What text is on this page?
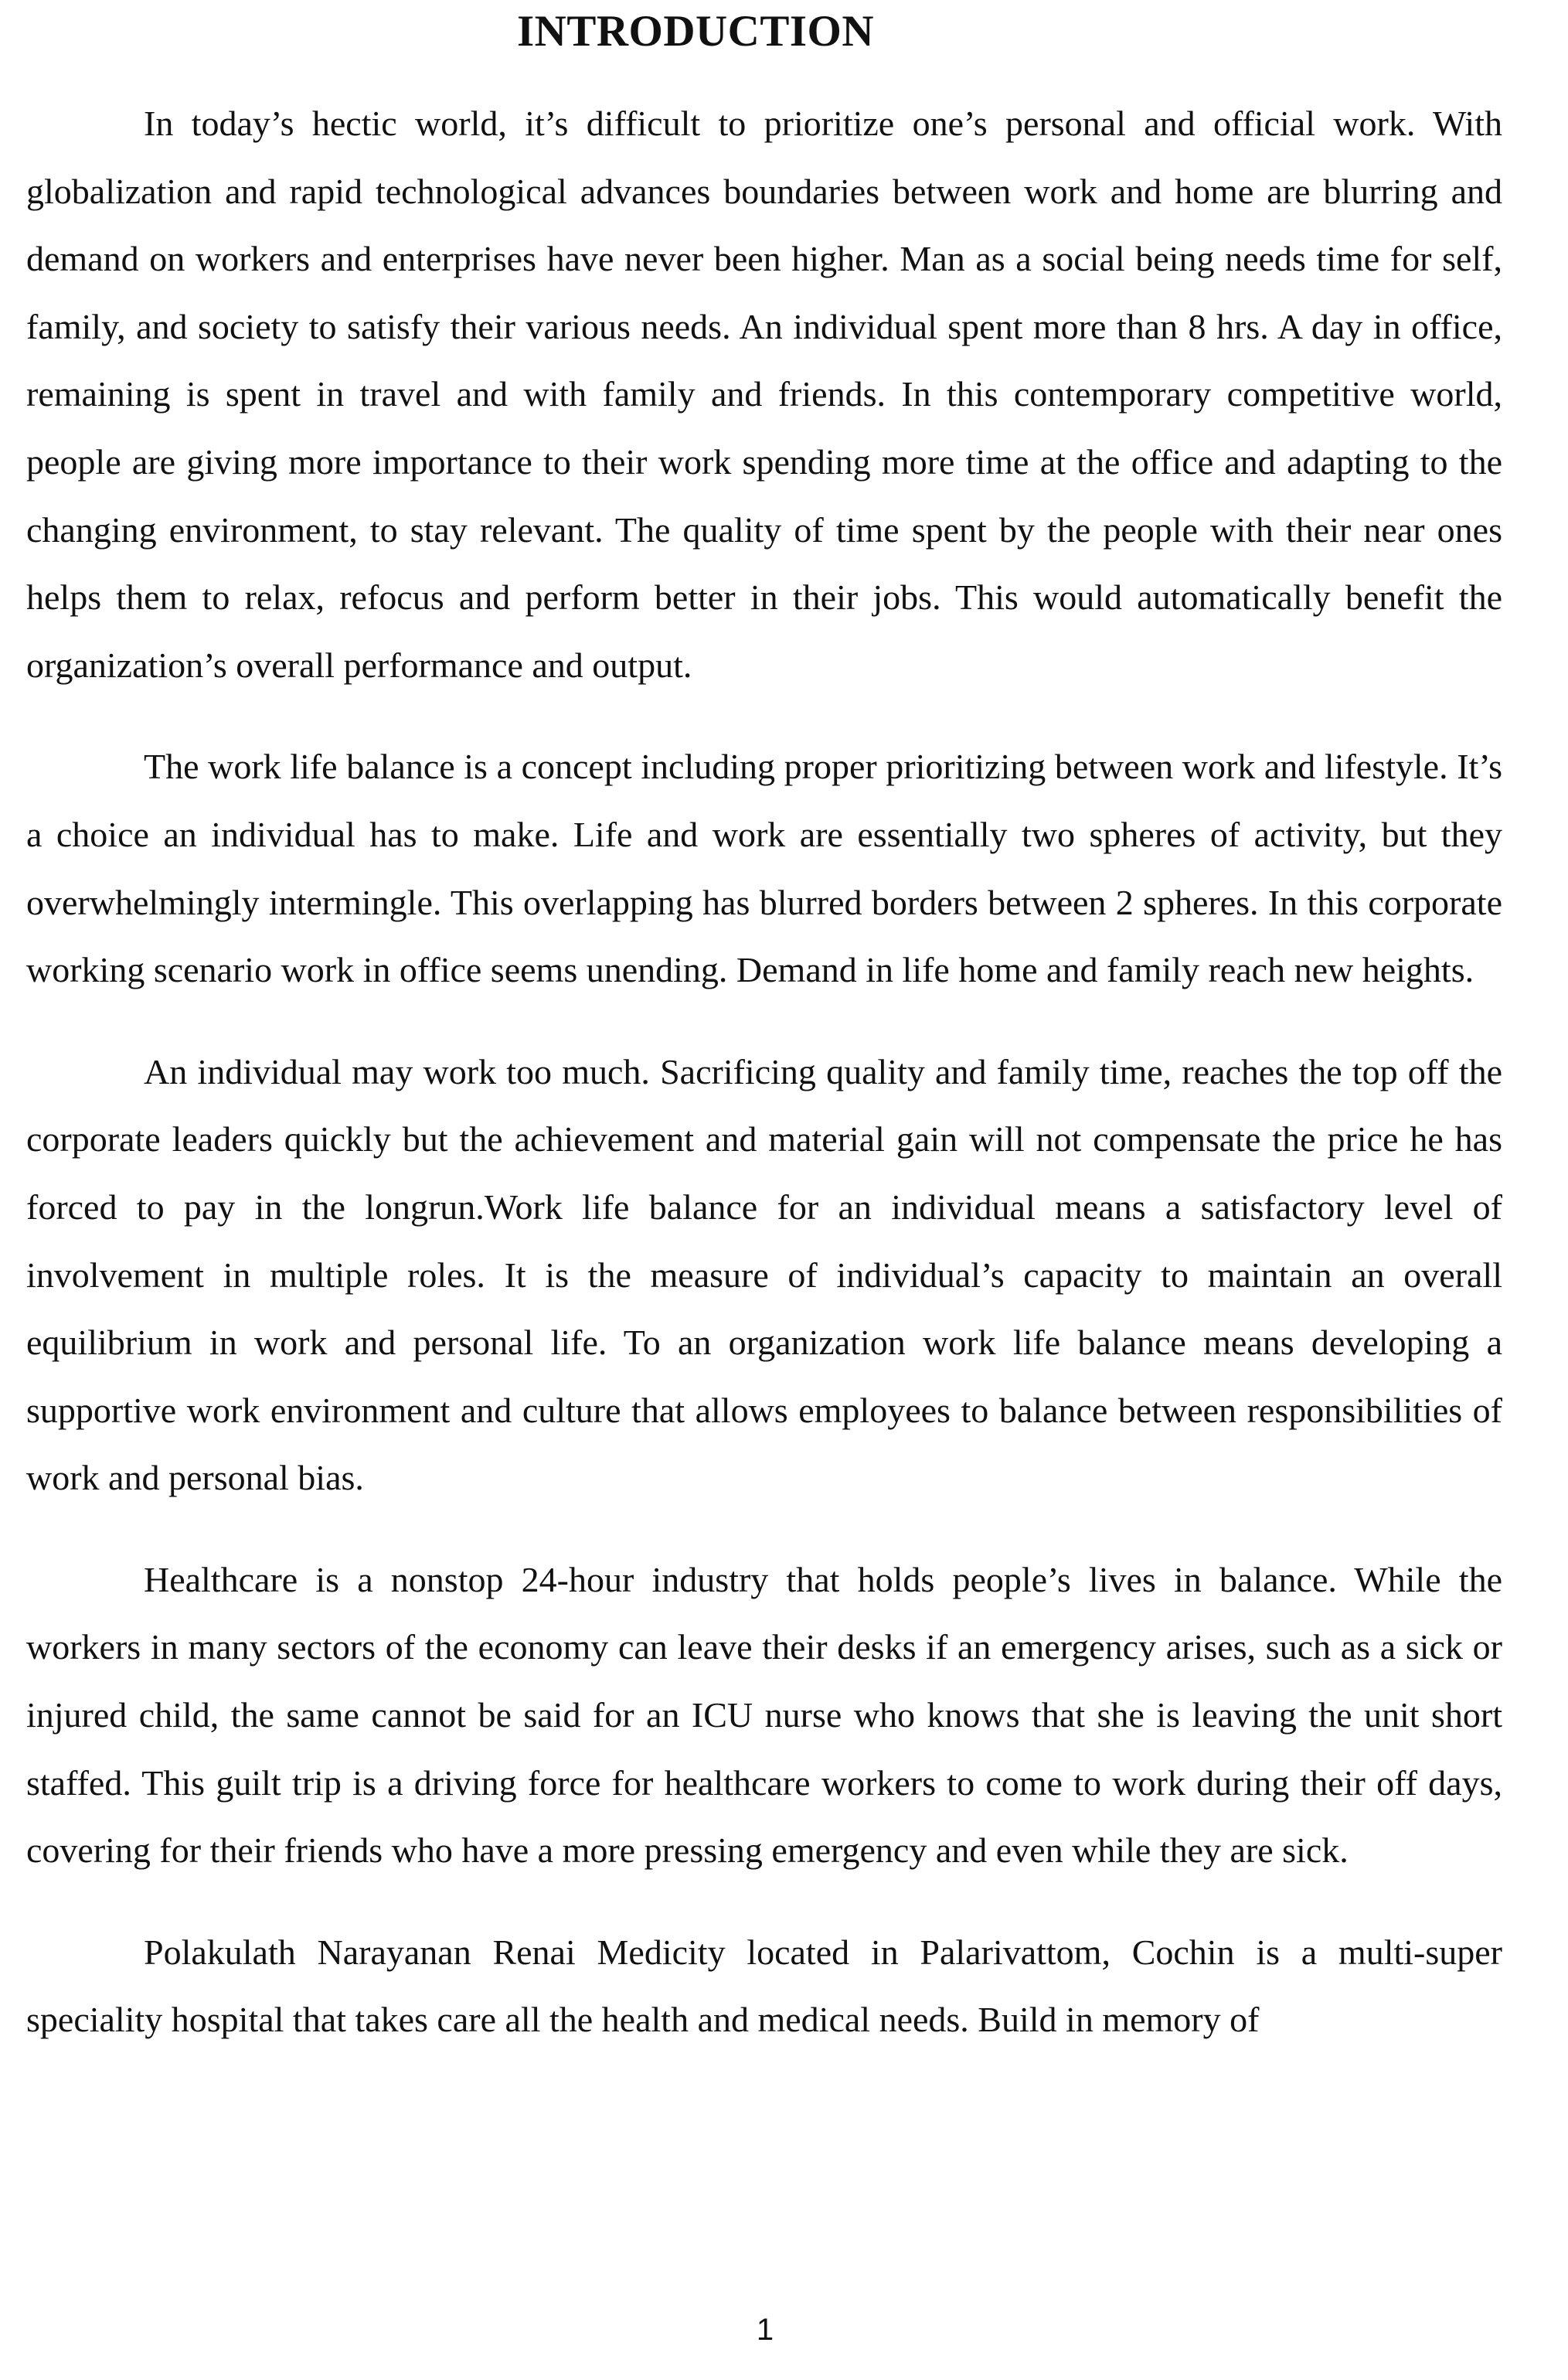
INTRODUCTION

In today’s hectic world, it’s difficult to prioritize one’s personal and official work. With globalization and rapid technological advances boundaries between work and home are blurring and demand on workers and enterprises have never been higher. Man as a social being needs time for self, family, and society to satisfy their various needs. An individual spent more than 8 hrs. A day in office, remaining is spent in travel and with family and friends. In this contemporary competitive world, people are giving more importance to their work spending more time at the office and adapting to the changing environment, to stay relevant. The quality of time spent by the people with their near ones helps them to relax, refocus and perform better in their jobs. This would automatically benefit the organization’s overall performance and output.

The work life balance is a concept including proper prioritizing between work and lifestyle. It’s a choice an individual has to make. Life and work are essentially two spheres of activity, but they overwhelmingly intermingle. This overlapping has blurred borders between 2 spheres. In this corporate working scenario work in office seems unending. Demand in life home and family reach new heights.

An individual may work too much. Sacrificing quality and family time, reaches the top off the corporate leaders quickly but the achievement and material gain will not compensate the price he has forced to pay in the longrun.Work life balance for an individual means a satisfactory level of involvement in multiple roles. It is the measure of individual’s capacity to maintain an overall equilibrium in work and personal life. To an organization work life balance means developing a supportive work environment and culture that allows employees to balance between responsibilities of work and personal bias.

Healthcare is a nonstop 24-hour industry that holds people’s lives in balance. While the workers in many sectors of the economy can leave their desks if an emergency arises, such as a sick or injured child, the same cannot be said for an ICU nurse who knows that she is leaving the unit short staffed. This guilt trip is a driving force for healthcare workers to come to work during their off days, covering for their friends who have a more pressing emergency and even while they are sick.

Polakulath Narayanan Renai Medicity located in Palarivattom, Cochin is a multi-super speciality hospital that takes care all the health and medical needs. Build in memory of

1
